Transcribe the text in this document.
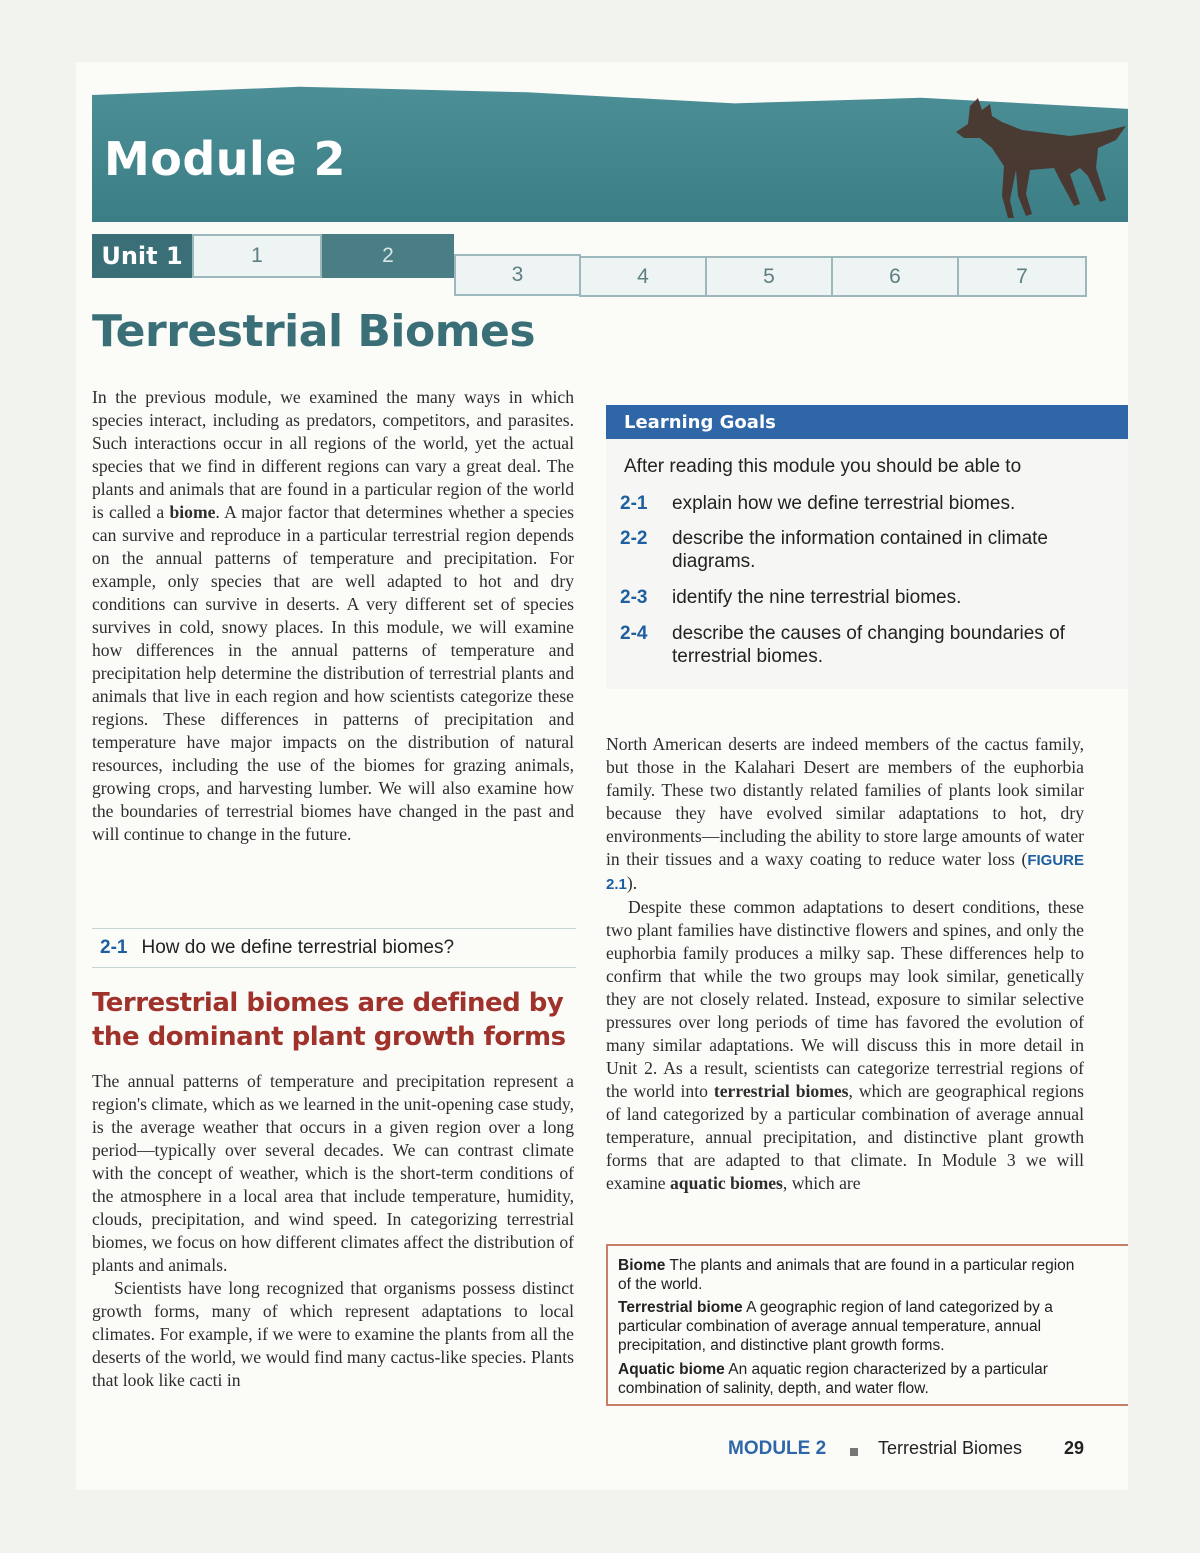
Module 2
Unit 1	1	2
3	4	5	6	7
Terrestrial Biomes

In the previous module, we examined the many ways in which species interact, including as predators, competitors, and parasites. Such interactions occur in all regions of the world, yet the actual species that we find in different regions can vary a great deal. The plants and animals that are found in a particular region of the world is called a biome. A major factor that determines whether a species can survive and reproduce in a particular terrestrial region depends on the annual patterns of temperature and precipitation. For example, only species that are well adapted to hot and dry conditions can survive in deserts. A very different set of species survives in cold, snowy places. In this module, we will examine how differences in the annual patterns of temperature and precipitation help determine the distribution of terrestrial plants and animals that live in each region and how scientists categorize these regions. These differences in patterns of precipitation and temperature have major impacts on the distribution of natural resources, including the use of the biomes for grazing animals, growing crops, and harvesting lumber. We will also examine how the boundaries of terrestrial biomes have changed in the past and will continue to change in the future.

Learning Goals
After reading this module you should be able to
2-1	explain how we define terrestrial biomes.
2-2	describe the information contained in climate diagrams.
2-3	identify the nine terrestrial biomes.
2-4	describe the causes of changing boundaries of terrestrial biomes.

North American deserts are indeed members of the cactus family, but those in the Kalahari Desert are members of the euphorbia family. These two distantly related families of plants look similar because they have evolved similar adaptations to hot, dry environments—including the ability to store large amounts of water in their tissues and a waxy coating to reduce water loss (FIGURE 2.1).

Despite these common adaptations to desert conditions, these two plant families have distinctive flowers and spines, and only the euphorbia family produces a milky sap. These differences help to confirm that while the two groups may look similar, genetically they are not closely related. Instead, exposure to similar selective pressures over long periods of time has favored the evolution of many similar adaptations. We will discuss this in more detail in Unit 2. As a result, scientists can categorize terrestrial regions of the world into terrestrial biomes, which are geographical regions of land categorized by a particular combination of average annual temperature, annual precipitation, and distinctive plant growth forms that are adapted to that climate. In Module 3 we will examine aquatic biomes, which are

2-1 How do we define terrestrial biomes?
Terrestrial biomes are defined by the dominant plant growth forms

The annual patterns of temperature and precipitation represent a region's climate, which as we learned in the unit-opening case study, is the average weather that occurs in a given region over a long period—typically over several decades. We can contrast climate with the concept of weather, which is the short-term conditions of the atmosphere in a local area that include temperature, humidity, clouds, precipitation, and wind speed. In categorizing terrestrial biomes, we focus on how different climates affect the distribution of plants and animals.

Scientists have long recognized that organisms possess distinct growth forms, many of which represent adaptations to local climates. For example, if we were to examine the plants from all the deserts of the world, we would find many cactus-like species. Plants that look like cacti in

Biome The plants and animals that are found in a particular region of the world.
Terrestrial biome A geographic region of land categorized by a particular combination of average annual temperature, annual precipitation, and distinctive plant growth forms.
Aquatic biome An aquatic region characterized by a particular combination of salinity, depth, and water flow.
MODULE 2	Terrestrial Biomes 29
